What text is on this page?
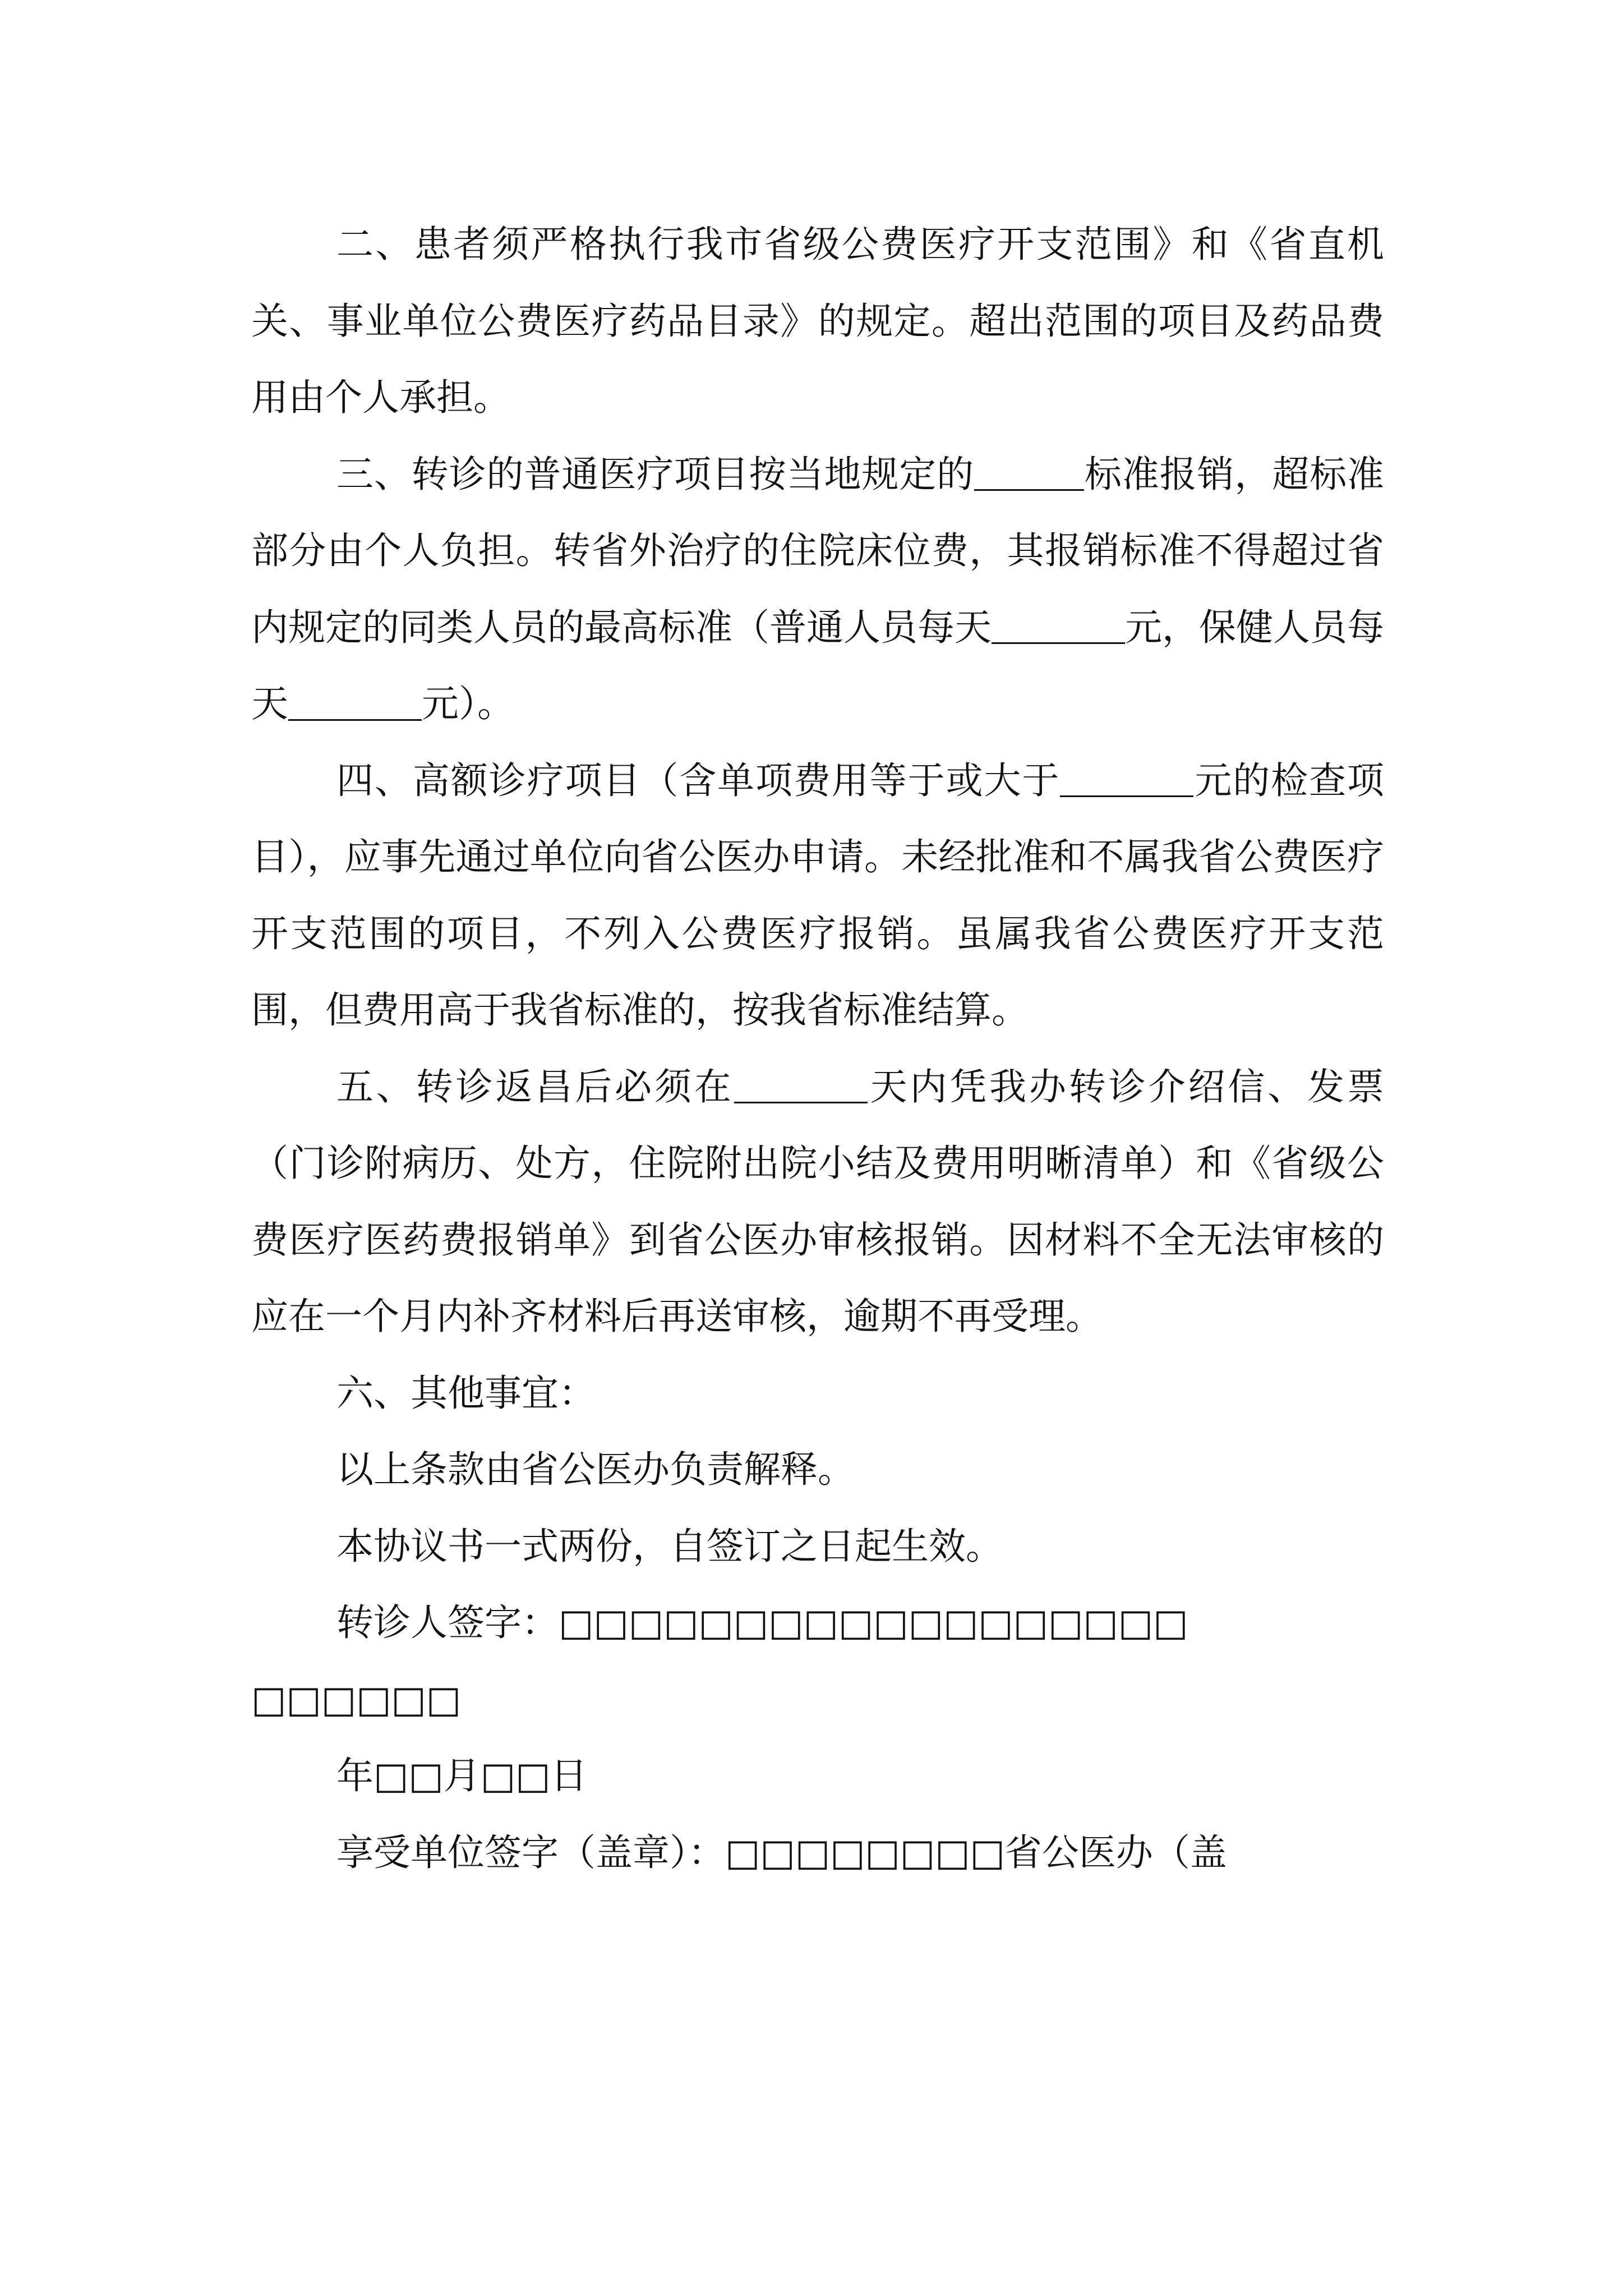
二、患者须严格执行我市省级公费医疗开支范围》和《省直机关、事业单位公费医疗药品目录》的规定。超出范围的项目及药品费用由个人承担。

三、转诊的普通医疗项目按当地规定的	标准报销，超标准部分由个人负担。转省外治疗的住院床位费，其报销标准不得超过省内规定的同类人员的最高标准（普通人员每天	元，保健人员每天	元）。

四、高额诊疗项目（含单项费用等于或大于	元的检查项目），应事先通过单位向省公医办申请。未经批准和不属我省公费医疗开支范围的项目，不列入公费医疗报销。虽属我省公费医疗开支范围，但费用高于我省标准的，按我省标准结算。

五、转诊返昌后必须在	天内凭我办转诊介绍信、发票（门诊附病历、处方，住院附出院小结及费用明晰清单）和《省级公费医疗医药费报销单》到省公医办审核报销。因材料不全无法审核的应在一个月内补齐材料后再送审核，逾期不再受理。

六、其他事宜：

以上条款由省公医办负责解释。

本协议书一式两份，自签订之日起生效。

转诊人签字：□□□□□□□□□□□□□□□□□□

□□□□□□

年□□月□□日

享受单位签字（盖章）：□□□□□□□□省公医办（盖
